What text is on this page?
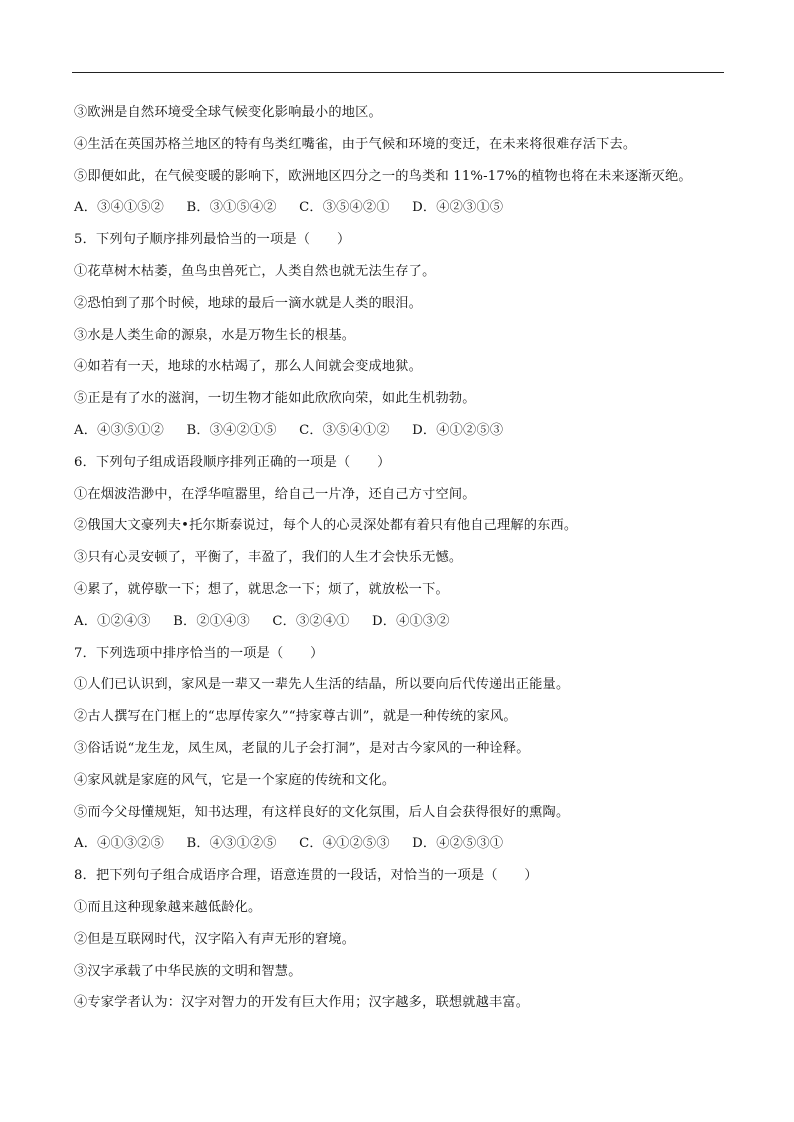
③欧洲是自然环境受全球气候变化影响最小的地区。
④生活在英国苏格兰地区的特有鸟类红嘴雀，由于气候和环境的变迁，在未来将很难存活下去。
⑤即便如此，在气候变暖的影响下，欧洲地区四分之一的鸟类和 11%-17%的植物也将在未来逐渐灭绝。
A．③④①⑤② B．③①⑤④② C．③⑤④②① D．④②③①⑤
5．下列句子顺序排列最恰当的一项是（　　）
①花草树木枯萎，鱼鸟虫兽死亡，人类自然也就无法生存了。
②恐怕到了那个时候，地球的最后一滴水就是人类的眼泪。
③水是人类生命的源泉，水是万物生长的根基。
④如若有一天，地球的水枯竭了，那么人间就会变成地狱。
⑤正是有了水的滋润，一切生物才能如此欣欣向荣，如此生机勃勃。
A．④③⑤①② B．③④②①⑤ C．③⑤④①② D．④①②⑤③
6．下列句子组成语段顺序排列正确的一项是（　　）
①在烟波浩渺中，在浮华喧嚣里，给自己一片净，还自己方寸空间。
②俄国大文豪列夫•托尔斯泰说过，每个人的心灵深处都有着只有他自己理解的东西。
③只有心灵安顿了，平衡了，丰盈了，我们的人生才会快乐无憾。
④累了，就停歇一下；想了，就思念一下；烦了，就放松一下。
A．①②④③ B．②①④③ C．③②④① D．④①③②
7．下列选项中排序恰当的一项是（　　）
①人们已认识到，家风是一辈又一辈先人生活的结晶，所以要向后代传递出正能量。
②古人撰写在门框上的“忠厚传家久”“持家尊古训”，就是一种传统的家风。
③俗话说“龙生龙，凤生凤，老鼠的儿子会打洞”，是对古今家风的一种诠释。
④家风就是家庭的风气，它是一个家庭的传统和文化。
⑤而今父母懂规矩，知书达理，有这样良好的文化氛围，后人自会获得很好的熏陶。
A．④①③②⑤ B．④③①②⑤ C．④①②⑤③ D．④②⑤③①
8．把下列句子组合成语序合理，语意连贯的一段话，对恰当的一项是（　　）
①而且这种现象越来越低龄化。
②但是互联网时代，汉字陷入有声无形的窘境。
③汉字承载了中华民族的文明和智慧。
④专家学者认为：汉字对智力的开发有巨大作用；汉字越多，联想就越丰富。
